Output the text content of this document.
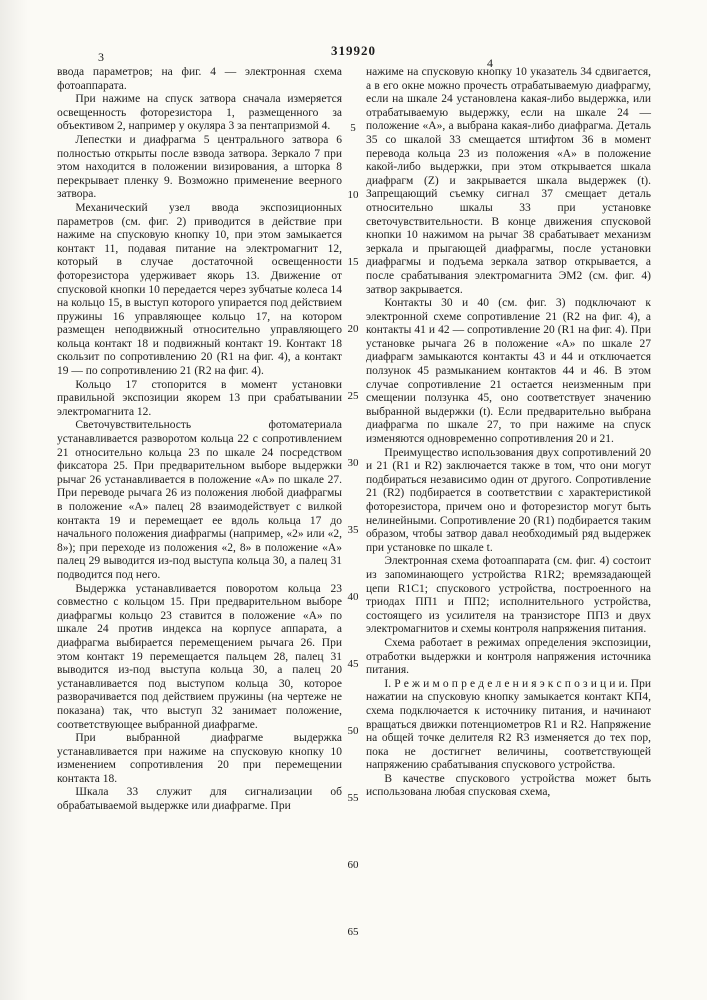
3	319920
4

ввода параметров; на фиг. 4 — электронная схема фотоаппарата.

При нажиме на спуск затвора сначала измеряется освещенность фоторезистора 1, размещенного за объективом 2, например у окуляра 3 за пентапризмой 4.

Лепестки и диафрагма 5 центрального затвора 6 полностью открыты после взвода затвора. Зеркало 7 при этом находится в положении визирования, а шторка 8 перекрывает пленку 9. Возможно применение веерного затвора.

Механический узел ввода экспозиционных параметров (см. фиг. 2) приводится в действие при нажиме на спусковую кнопку 10, при этом замыкается контакт 11, подавая питание на электромагнит 12, который в случае достаточной освещенности фоторезистора удерживает якорь 13. Движение от спусковой кнопки 10 передается через зубчатые колеса 14 на кольцо 15, в выступ которого упирается под действием пружины 16 управляющее кольцо 17, на котором размещен неподвижный относительно управляющего кольца контакт 18 и подвижный контакт 19. Контакт 18 скользит по сопротивлению 20 (R1 на фиг. 4), а контакт 19 — по сопротивлению 21 (R2 на фиг. 4).

Кольцо 17 стопорится в момент установки правильной экспозиции якорем 13 при срабатывании электромагнита 12.

Светочувствительность фотоматериала устанавливается разворотом кольца 22 с сопротивлением 21 относительно кольца 23 по шкале 24 посредством фиксатора 25. При предварительном выборе выдержки рычаг 26 устанавливается в положение «А» по шкале 27. При переводе рычага 26 из положения любой диафрагмы в положение «А» палец 28 взаимодействует с вилкой контакта 19 и перемещает ее вдоль кольца 17 до начального положения диафрагмы (например, «2» или «2, 8»); при переходе из положения «2, 8» в положение «А» палец 29 выводится из-под выступа кольца 30, а палец 31 подводится под него.

Выдержка устанавливается поворотом кольца 23 совместно с кольцом 15. При предварительном выборе диафрагмы кольцо 23 ставится в положение «А» по шкале 24 против индекса на корпусе аппарата, а диафрагма выбирается перемещением рычага 26. При этом контакт 19 перемещается пальцем 28, палец 31 выводится из-под выступа кольца 30, а палец 20 устанавливается под выступом кольца 30, которое разворачивается под действием пружины (на чертеже не показана) так, что выступ 32 занимает положение, соответствующее выбранной диафрагме.

При выбранной диафрагме выдержка устанавливается при нажиме на спусковую кнопку 10 изменением сопротивления 20 при перемещении контакта 18.

Шкала 33 служит для сигнализации об обрабатываемой выдержке или диафрагме. При

5
10
15
20
25
30
35
40
45
50
55
60
65

нажиме на спусковую кнопку 10 указатель 34 сдвигается, а в его окне можно прочесть отрабатываемую диафрагму, если на шкале 24 установлена какая-либо выдержка, или отрабатываемую выдержку, если на шкале 24 — положение «А», а выбрана какая-либо диафрагма. Деталь 35 со шкалой 33 смещается штифтом 36 в момент перевода кольца 23 из положения «А» в положение какой-либо выдержки, при этом открывается шкала диафрагм (Z) и закрывается шкала выдержек (t). Запрещающий съемку сигнал 37 смещает деталь относительно шкалы 33 при установке светочувствительности. В конце движения спусковой кнопки 10 нажимом на рычаг 38 срабатывает механизм зеркала и прыгающей диафрагмы, после установки диафрагмы и подъема зеркала затвор открывается, а после срабатывания электромагнита ЭМ2 (см. фиг. 4) затвор закрывается.

Контакты 30 и 40 (см. фиг. 3) подключают к электронной схеме сопротивление 21 (R2 на фиг. 4), а контакты 41 и 42 — сопротивление 20 (R1 на фиг. 4). При установке рычага 26 в положение «А» по шкале 27 диафрагм замыкаются контакты 43 и 44 и отключается ползунок 45 размыканием контактов 44 и 46. В этом случае сопротивление 21 остается неизменным при смещении ползунка 45, оно соответствует значению выбранной выдержки (t). Если предварительно выбрана диафрагма по шкале 27, то при нажиме на спуск изменяются одновременно сопротивления 20 и 21.

Преимущество использования двух сопротивлений 20 и 21 (R1 и R2) заключается также в том, что они могут подбираться независимо один от другого. Сопротивление 21 (R2) подбирается в соответствии с характеристикой фоторезистора, причем оно и фоторезистор могут быть нелинейными. Сопротивление 20 (R1) подбирается таким образом, чтобы затвор давал необходимый ряд выдержек при установке по шкале t.

Электронная схема фотоаппарата (см. фиг. 4) состоит из запоминающего устройства R1R2; времязадающей цепи R1C1; спускового устройства, построенного на триодах ПП1 и ПП2; исполнительного устройства, состоящего из усилителя на транзисторе ПП3 и двух электромагнитов и схемы контроля напряжения питания.

Схема работает в режимах определения экспозиции, отработки выдержки и контроля напряжения источника питания.

I. Р е ж и м о п р е д е л е н и я э к с п о з и ц и и. При нажатии на спусковую кнопку замыкается контакт КП4, схема подключается к источнику питания, и начинают вращаться движки потенциометров R1 и R2. Напряжение на общей точке делителя R2 R3 изменяется до тех пор, пока не достигнет величины, соответствующей напряжению срабатывания спускового устройства.

В качестве спускового устройства может быть использована любая спусковая схема,
